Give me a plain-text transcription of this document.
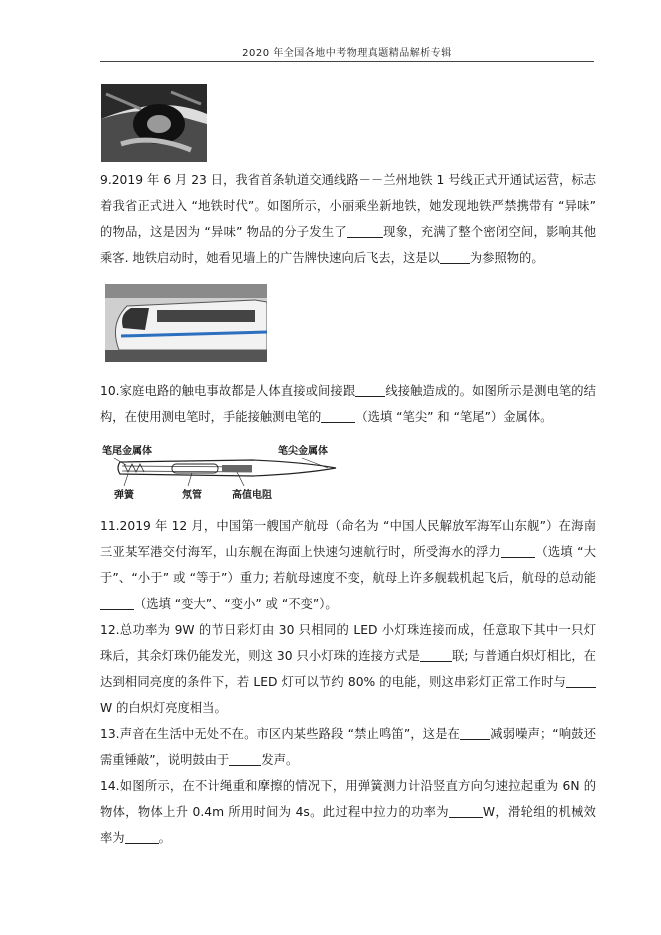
2020 年全国各地中考物理真题精品解析专辑
9.2019 年 6 月 23 日，我省首条轨道交通线路－－兰州地铁 1 号线正式开通试运营，标志着我省正式进入 “地铁时代”。如图所示，小丽乘坐新地铁，她发现地铁严禁携带有 “异味” 的物品，这是因为 “异味” 物品的分子发生了	现象，充满了整个密闭空间，影响其他乘客. 地铁启动时，她看见墙上的广告牌快速向后飞去，这是以 为参照物的。
10.家庭电路的触电事故都是人体直接或间接跟 线接触造成的。如图所示是测电笔的结构，在使用测电笔时，手能接触测电笔的	（选填 “笔尖” 和 “笔尾”）金属体。
笔尾金属体	笔尖金属体
弹簧	氖管	高值电阻
11.2019 年 12 月，中国第一艘国产航母（命名为 “中国人民解放军海军山东舰”）在海南三亚某军港交付海军，山东舰在海面上快速匀速航行时，所受海水的浮力	（选填 “大于”、“小于” 或 “等于”）重力; 若航母速度不变，航母上许多舰载机起飞后，航母的总动能（选填 “变大”、“变小” 或 “不变”）。
12.总功率为 9W 的节日彩灯由 30 只相同的 LED 小灯珠连接而成，任意取下其中一只灯珠后，其余灯珠仍能发光，则这 30 只小灯珠的连接方式是	联; 与普通白炽灯相比，在达到相同亮度的条件下，若 LED 灯可以节约 80% 的电能，则这串彩灯正常工作时与W 的白炽灯亮度相当。
13.声音在生活中无处不在。市区内某些路段 “禁止鸣笛”，这是在 减弱噪声；“响鼓还需重锤敲”，说明鼓由于	发声。
14.如图所示，在不计绳重和摩擦的情况下，用弹簧测力计沿竖直方向匀速拉起重为 6N 的物体，物体上升 0.4m 所用时间为 4s。此过程中拉力的功率为	W，滑轮组的机械效率为	。
